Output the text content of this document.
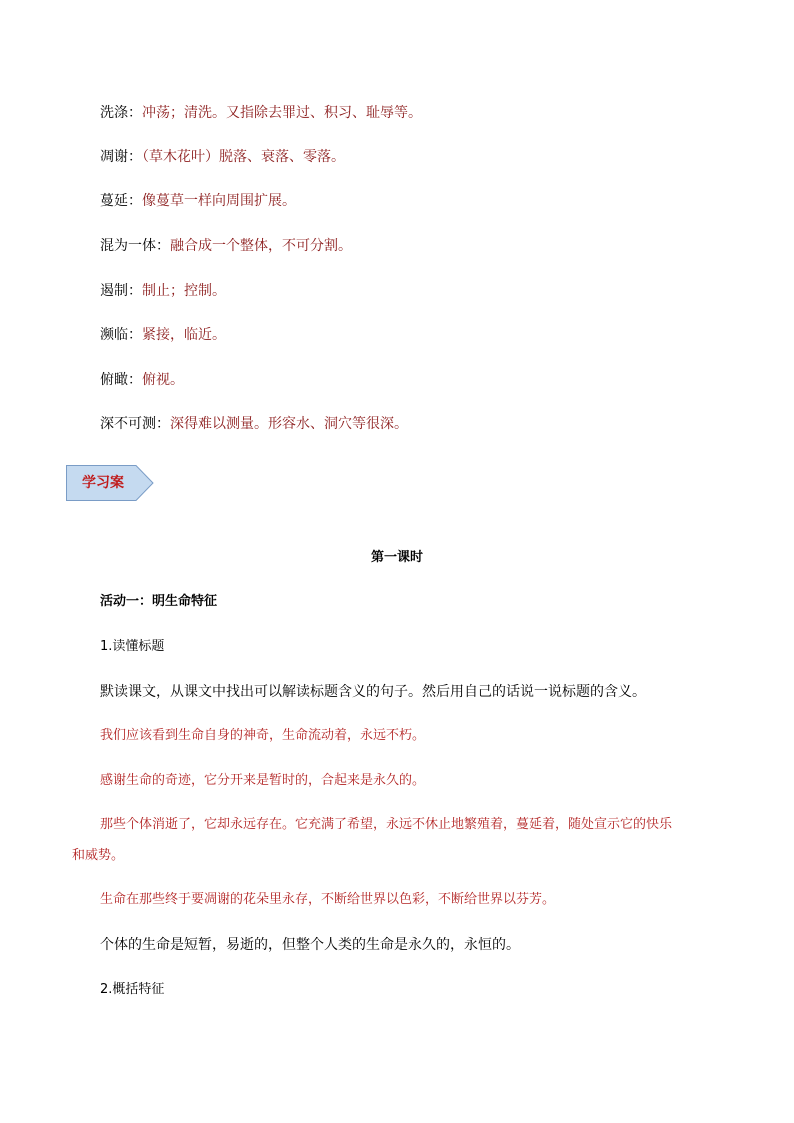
洗涤：冲荡；清洗。又指除去罪过、积习、耻辱等。
凋谢：（草木花叶）脱落、衰落、零落。
蔓延：像蔓草一样向周围扩展。
混为一体：融合成一个整体，不可分割。
遏制：制止；控制。
濒临：紧接，临近。
俯瞰：俯视。
深不可测：深得难以测量。形容水、洞穴等很深。
学习案
第一课时
活动一：明生命特征
1.读懂标题
默读课文，从课文中找出可以解读标题含义的句子。然后用自己的话说一说标题的含义。
我们应该看到生命自身的神奇，生命流动着，永远不朽。
感谢生命的奇迹，它分开来是暂时的，合起来是永久的。
那些个体消逝了，它却永远存在。它充满了希望，永远不休止地繁殖着，蔓延着，随处宣示它的快乐
和威势。
生命在那些终于要凋谢的花朵里永存，不断给世界以色彩，不断给世界以芬芳。
个体的生命是短暂，易逝的，但整个人类的生命是永久的，永恒的。
2.概括特征
